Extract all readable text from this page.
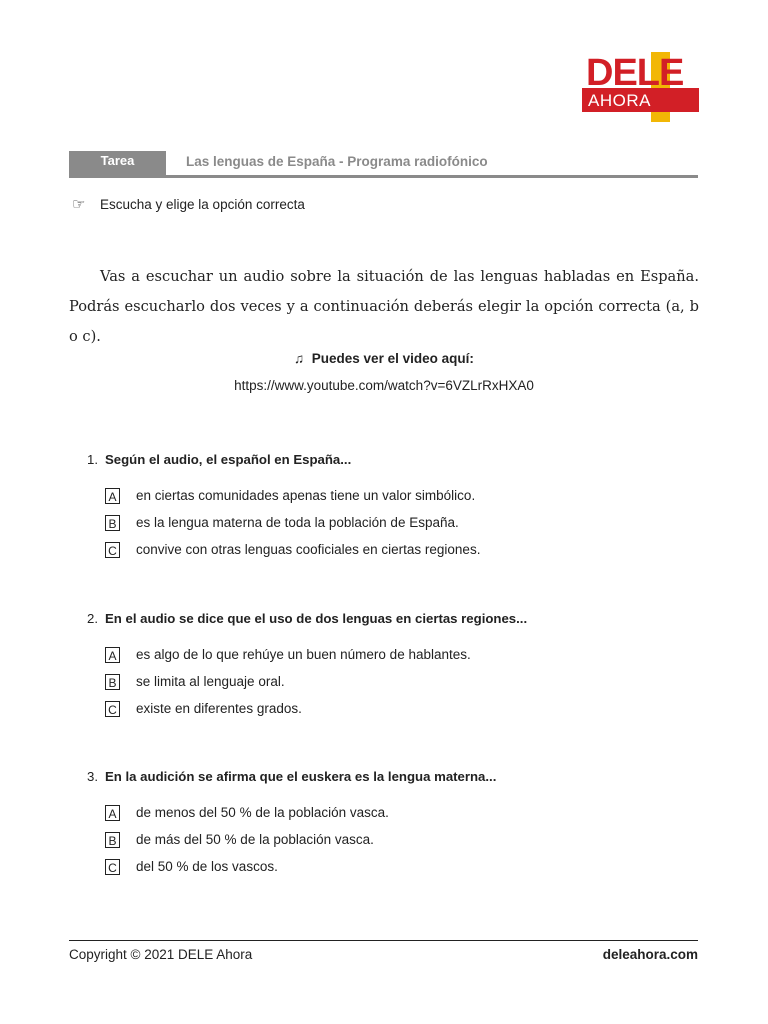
DELE
AHORA
Tarea	Las lenguas de España - Programa radiofónico
☞ Escucha y elige la opción correcta
Vas a escuchar un audio sobre la situación de las lenguas habladas en España. Podrás escucharlo dos veces y a continuación deberás elegir la opción correcta (a, b o c).
♫ Puedes ver el video aquí:
https://www.youtube.com/watch?v=6VZLrRxHXA0
1. Según el audio, el español en España...
A en ciertas comunidades apenas tiene un valor simbólico.
B es la lengua materna de toda la población de España.
C convive con otras lenguas cooficiales en ciertas regiones.
2. En el audio se dice que el uso de dos lenguas en ciertas regiones...
A es algo de lo que rehúye un buen número de hablantes.
B se limita al lenguaje oral.
C existe en diferentes grados.
3. En la audición se afirma que el euskera es la lengua materna...
A de menos del 50 % de la población vasca.
B de más del 50 % de la población vasca.
C del 50 % de los vascos.
Copyright © 2021 DELE Ahora	deleahora.com
